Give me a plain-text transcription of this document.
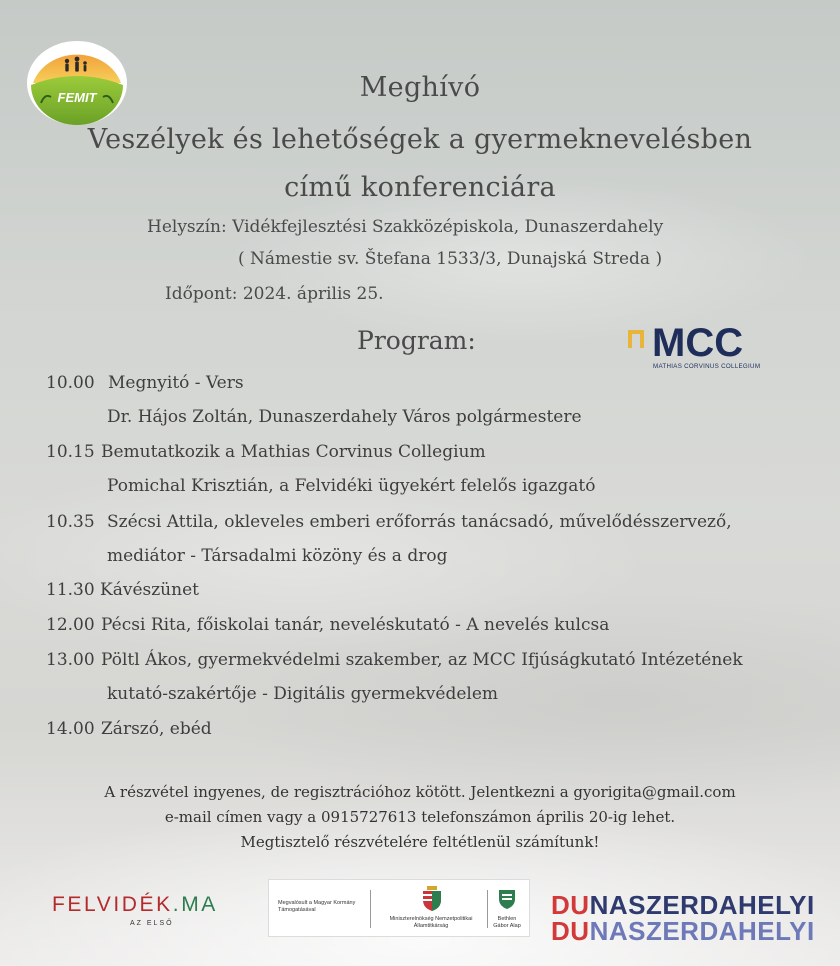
FEMIT	Meghívó
Veszélyek és lehetőségek a gyermeknevelésben
című konferenciára
Helyszín: Vidékfejlesztési Szakközépiskola, Dunaszerdahely
( Námestie sv. Štefana 1533/3, Dunajská Streda )
Időpont: 2024. április 25.
Program:	MCC
MATHIAS CORVINUS COLLEGIUM
10.00 Megnyitó - Vers
Dr. Hájos Zoltán, Dunaszerdahely Város polgármestere
10.15 Bemutatkozik a Mathias Corvinus Collegium
Pomichal Krisztián, a Felvidéki ügyekért felelős igazgató
10.35 Szécsi Attila, okleveles emberi erőforrás tanácsadó, művelődésszervező,
mediátor - Társadalmi közöny és a drog
11.30 Kávészünet
12.00 Pécsi Rita, főiskolai tanár, neveléskutató - A nevelés kulcsa
13.00 Pöltl Ákos, gyermekvédelmi szakember, az MCC Ifjúságkutató Intézetének
kutató-szakértője - Digitális gyermekvédelem
14.00 Zárszó, ebéd
A részvétel ingyenes, de regisztrációhoz kötött. Jelentkezni a gyorigita@gmail.com
e-mail címen vagy a 0915727613 telefonszámon április 20-ig lehet.
Megtisztelő részvételére feltétlenül számítunk!
FELVIDÉK.MA
AZ ELSŐ
Megvalósult a Magyar Kormány Támogatásával
Miniszterelnökség Nemzetpolitikai Államtitkárság
Bethlen Gábor Alap
DUNASZERDAHELYI
DUNASZERDAHELYI
